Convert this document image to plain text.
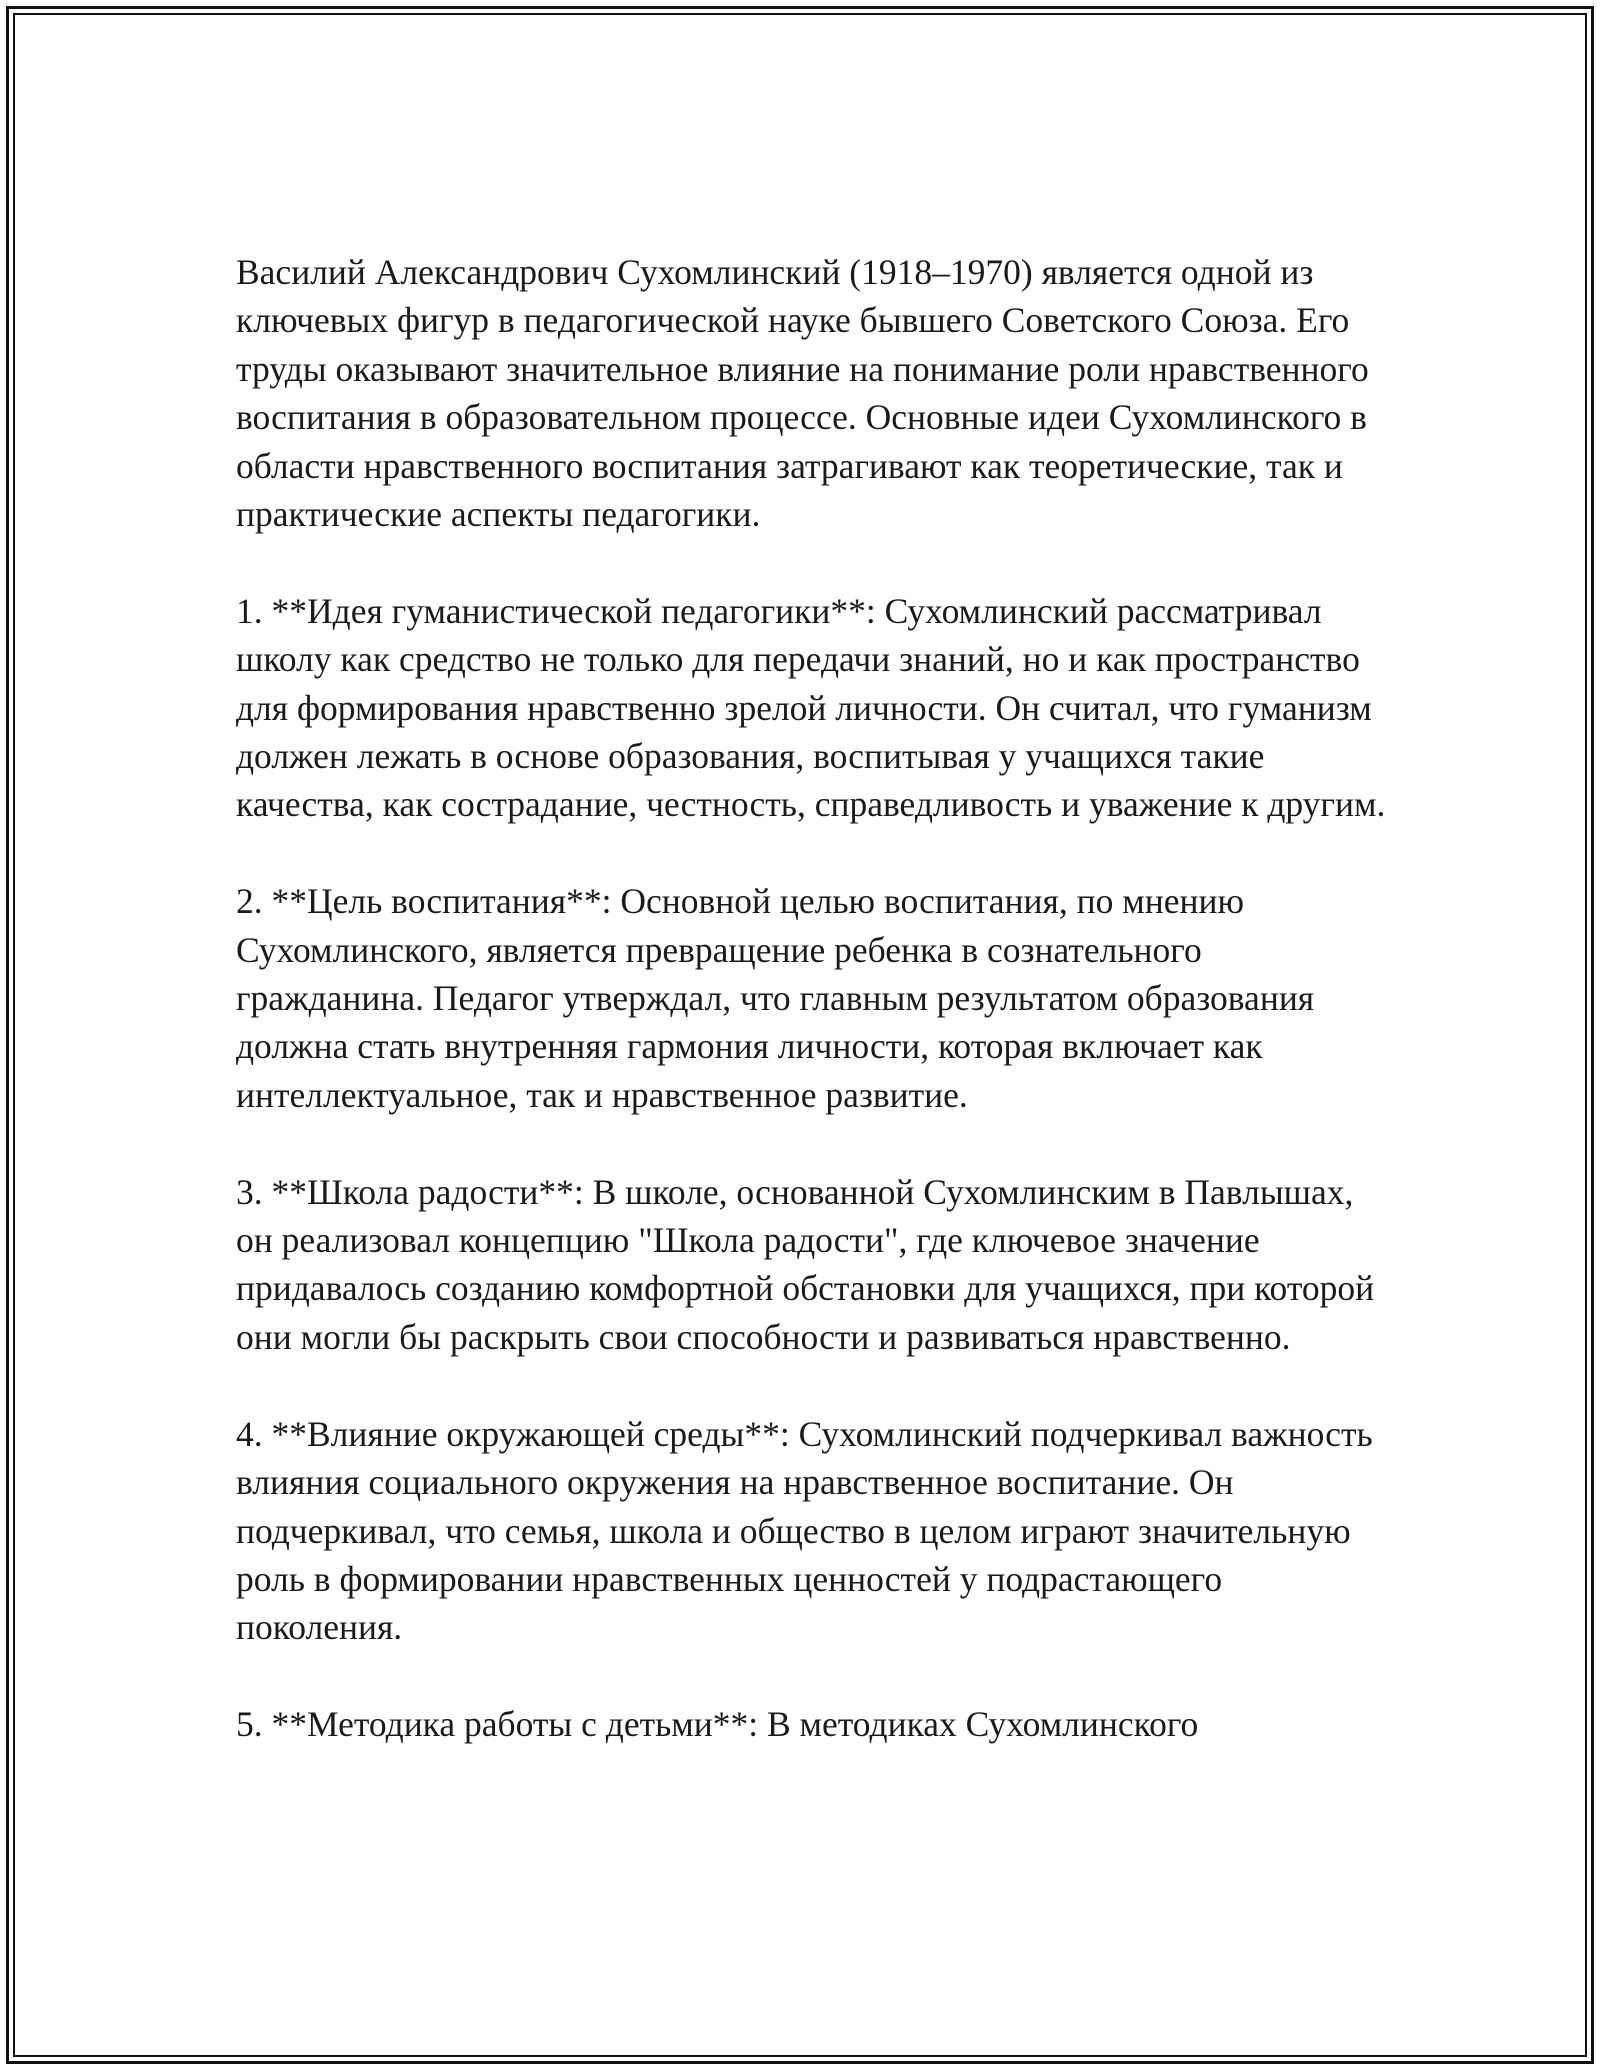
Василий Александрович Сухомлинский (1918–1970) является одной из ключевых фигур в педагогической науке бывшего Советского Союза. Его труды оказывают значительное влияние на понимание роли нравственного воспитания в образовательном процессе. Основные идеи Сухомлинского в области нравственного воспитания затрагивают как теоретические, так и практические аспекты педагогики.

1. **Идея гуманистической педагогики**: Сухомлинский рассматривал школу как средство не только для передачи знаний, но и как пространство для формирования нравственно зрелой личности. Он считал, что гуманизм должен лежать в основе образования, воспитывая у учащихся такие качества, как сострадание, честность, справедливость и уважение к другим.

2. **Цель воспитания**: Основной целью воспитания, по мнению Сухомлинского, является превращение ребенка в сознательного гражданина. Педагог утверждал, что главным результатом образования должна стать внутренняя гармония личности, которая включает как интеллектуальное, так и нравственное развитие.

3. **Школа радости**: В школе, основанной Сухомлинским в Павлышах, он реализовал концепцию "Школа радости", где ключевое значение придавалось созданию комфортной обстановки для учащихся, при которой они могли бы раскрыть свои способности и развиваться нравственно.

4. **Влияние окружающей среды**: Сухомлинский подчеркивал важность влияния социального окружения на нравственное воспитание. Он подчеркивал, что семья, школа и общество в целом играют значительную роль в формировании нравственных ценностей у подрастающего поколения.

5. **Методика работы с детьми**: В методиках Сухомлинского
